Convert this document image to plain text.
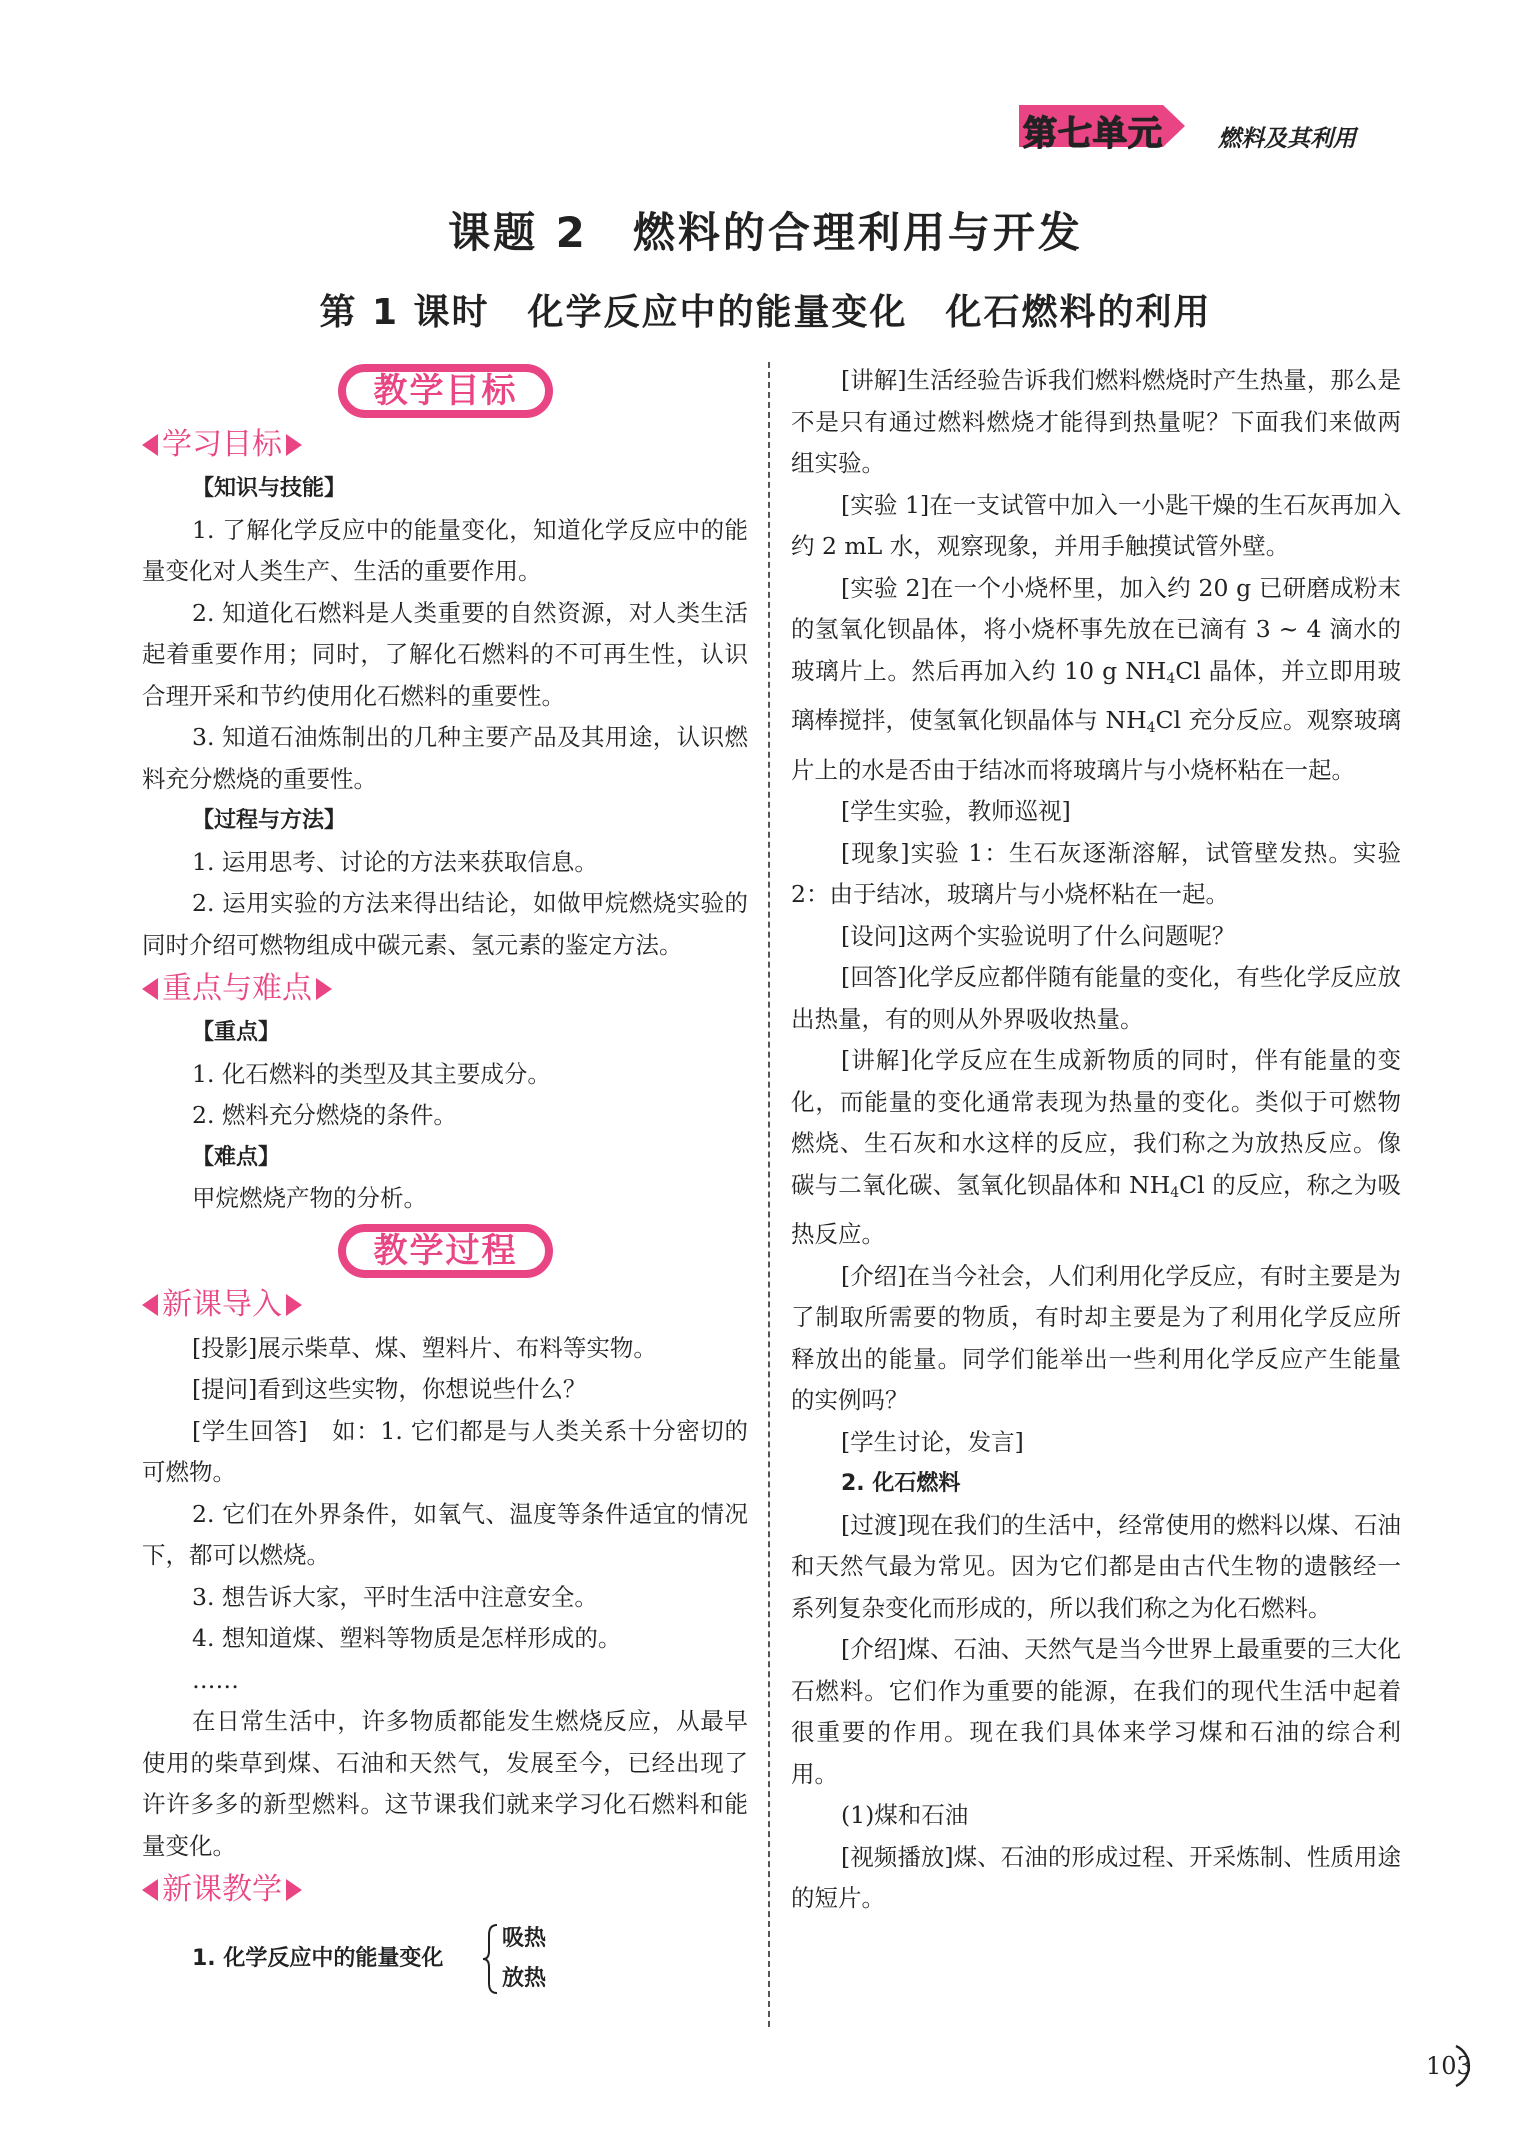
第七单元 燃料及其利用
课题 2　燃料的合理利用与开发
第 1 课时　化学反应中的能量变化　化石燃料的利用
教学目标

学习目标

【知识与技能】

1. 了解化学反应中的能量变化，知道化学反应中的能量变化对人类生产、生活的重要作用。

2. 知道化石燃料是人类重要的自然资源，对人类生活起着重要作用；同时，了解化石燃料的不可再生性，认识合理开采和节约使用化石燃料的重要性。

3. 知道石油炼制出的几种主要产品及其用途，认识燃料充分燃烧的重要性。

【过程与方法】

1. 运用思考、讨论的方法来获取信息。

2. 运用实验的方法来得出结论，如做甲烷燃烧实验的同时介绍可燃物组成中碳元素、氢元素的鉴定方法。

重点与难点

【重点】

1. 化石燃料的类型及其主要成分。

2. 燃料充分燃烧的条件。

【难点】

甲烷燃烧产物的分析。

教学过程

新课导入

[投影]展示柴草、煤、塑料片、布料等实物。

[提问]看到这些实物，你想说些什么？

[学生回答]　如：1. 它们都是与人类关系十分密切的可燃物。

2. 它们在外界条件，如氧气、温度等条件适宜的情况下，都可以燃烧。

3. 想告诉大家，平时生活中注意安全。

4. 想知道煤、塑料等物质是怎样形成的。

……

在日常生活中，许多物质都能发生燃烧反应，从最早使用的柴草到煤、石油和天然气，发展至今，已经出现了许许多多的新型燃料。这节课我们就来学习化石燃料和能量变化。

新课教学

1. 化学反应中的能量变化
吸热
放热

[讲解]生活经验告诉我们燃料燃烧时产生热量，那么是不是只有通过燃料燃烧才能得到热量呢？下面我们来做两组实验。

[实验 1]在一支试管中加入一小匙干燥的生石灰再加入约 2 mL 水，观察现象，并用手触摸试管外壁。

[实验 2]在一个小烧杯里，加入约 20 g 已研磨成粉末的氢氧化钡晶体，将小烧杯事先放在已滴有 3 ~ 4 滴水的玻璃片上。然后再加入约 10 g $NH_4Cl$ 晶体，并立即用玻璃棒搅拌，使氢氧化钡晶体与 $NH_4Cl$ 充分反应。观察玻璃片上的水是否由于结冰而将玻璃片与小烧杯粘在一起。

[学生实验，教师巡视]

[现象]实验 1：生石灰逐渐溶解，试管壁发热。实验 2：由于结冰，玻璃片与小烧杯粘在一起。

[设问]这两个实验说明了什么问题呢？

[回答]化学反应都伴随有能量的变化，有些化学反应放出热量，有的则从外界吸收热量。

[讲解]化学反应在生成新物质的同时，伴有能量的变化，而能量的变化通常表现为热量的变化。类似于可燃物燃烧、生石灰和水这样的反应，我们称之为放热反应。像碳与二氧化碳、氢氧化钡晶体和 $NH_4Cl$ 的反应，称之为吸热反应。

[介绍]在当今社会，人们利用化学反应，有时主要是为了制取所需要的物质，有时却主要是为了利用化学反应所释放出的能量。同学们能举出一些利用化学反应产生能量的实例吗？

[学生讨论，发言]

2. 化石燃料

[过渡]现在我们的生活中，经常使用的燃料以煤、石油和天然气最为常见。因为它们都是由古代生物的遗骸经一系列复杂变化而形成的，所以我们称之为化石燃料。

[介绍]煤、石油、天然气是当今世界上最重要的三大化石燃料。它们作为重要的能源，在我们的现代生活中起着很重要的作用。现在我们具体来学习煤和石油的综合利用。

(1)煤和石油

[视频播放]煤、石油的形成过程、开采炼制、性质用途的短片。

103
